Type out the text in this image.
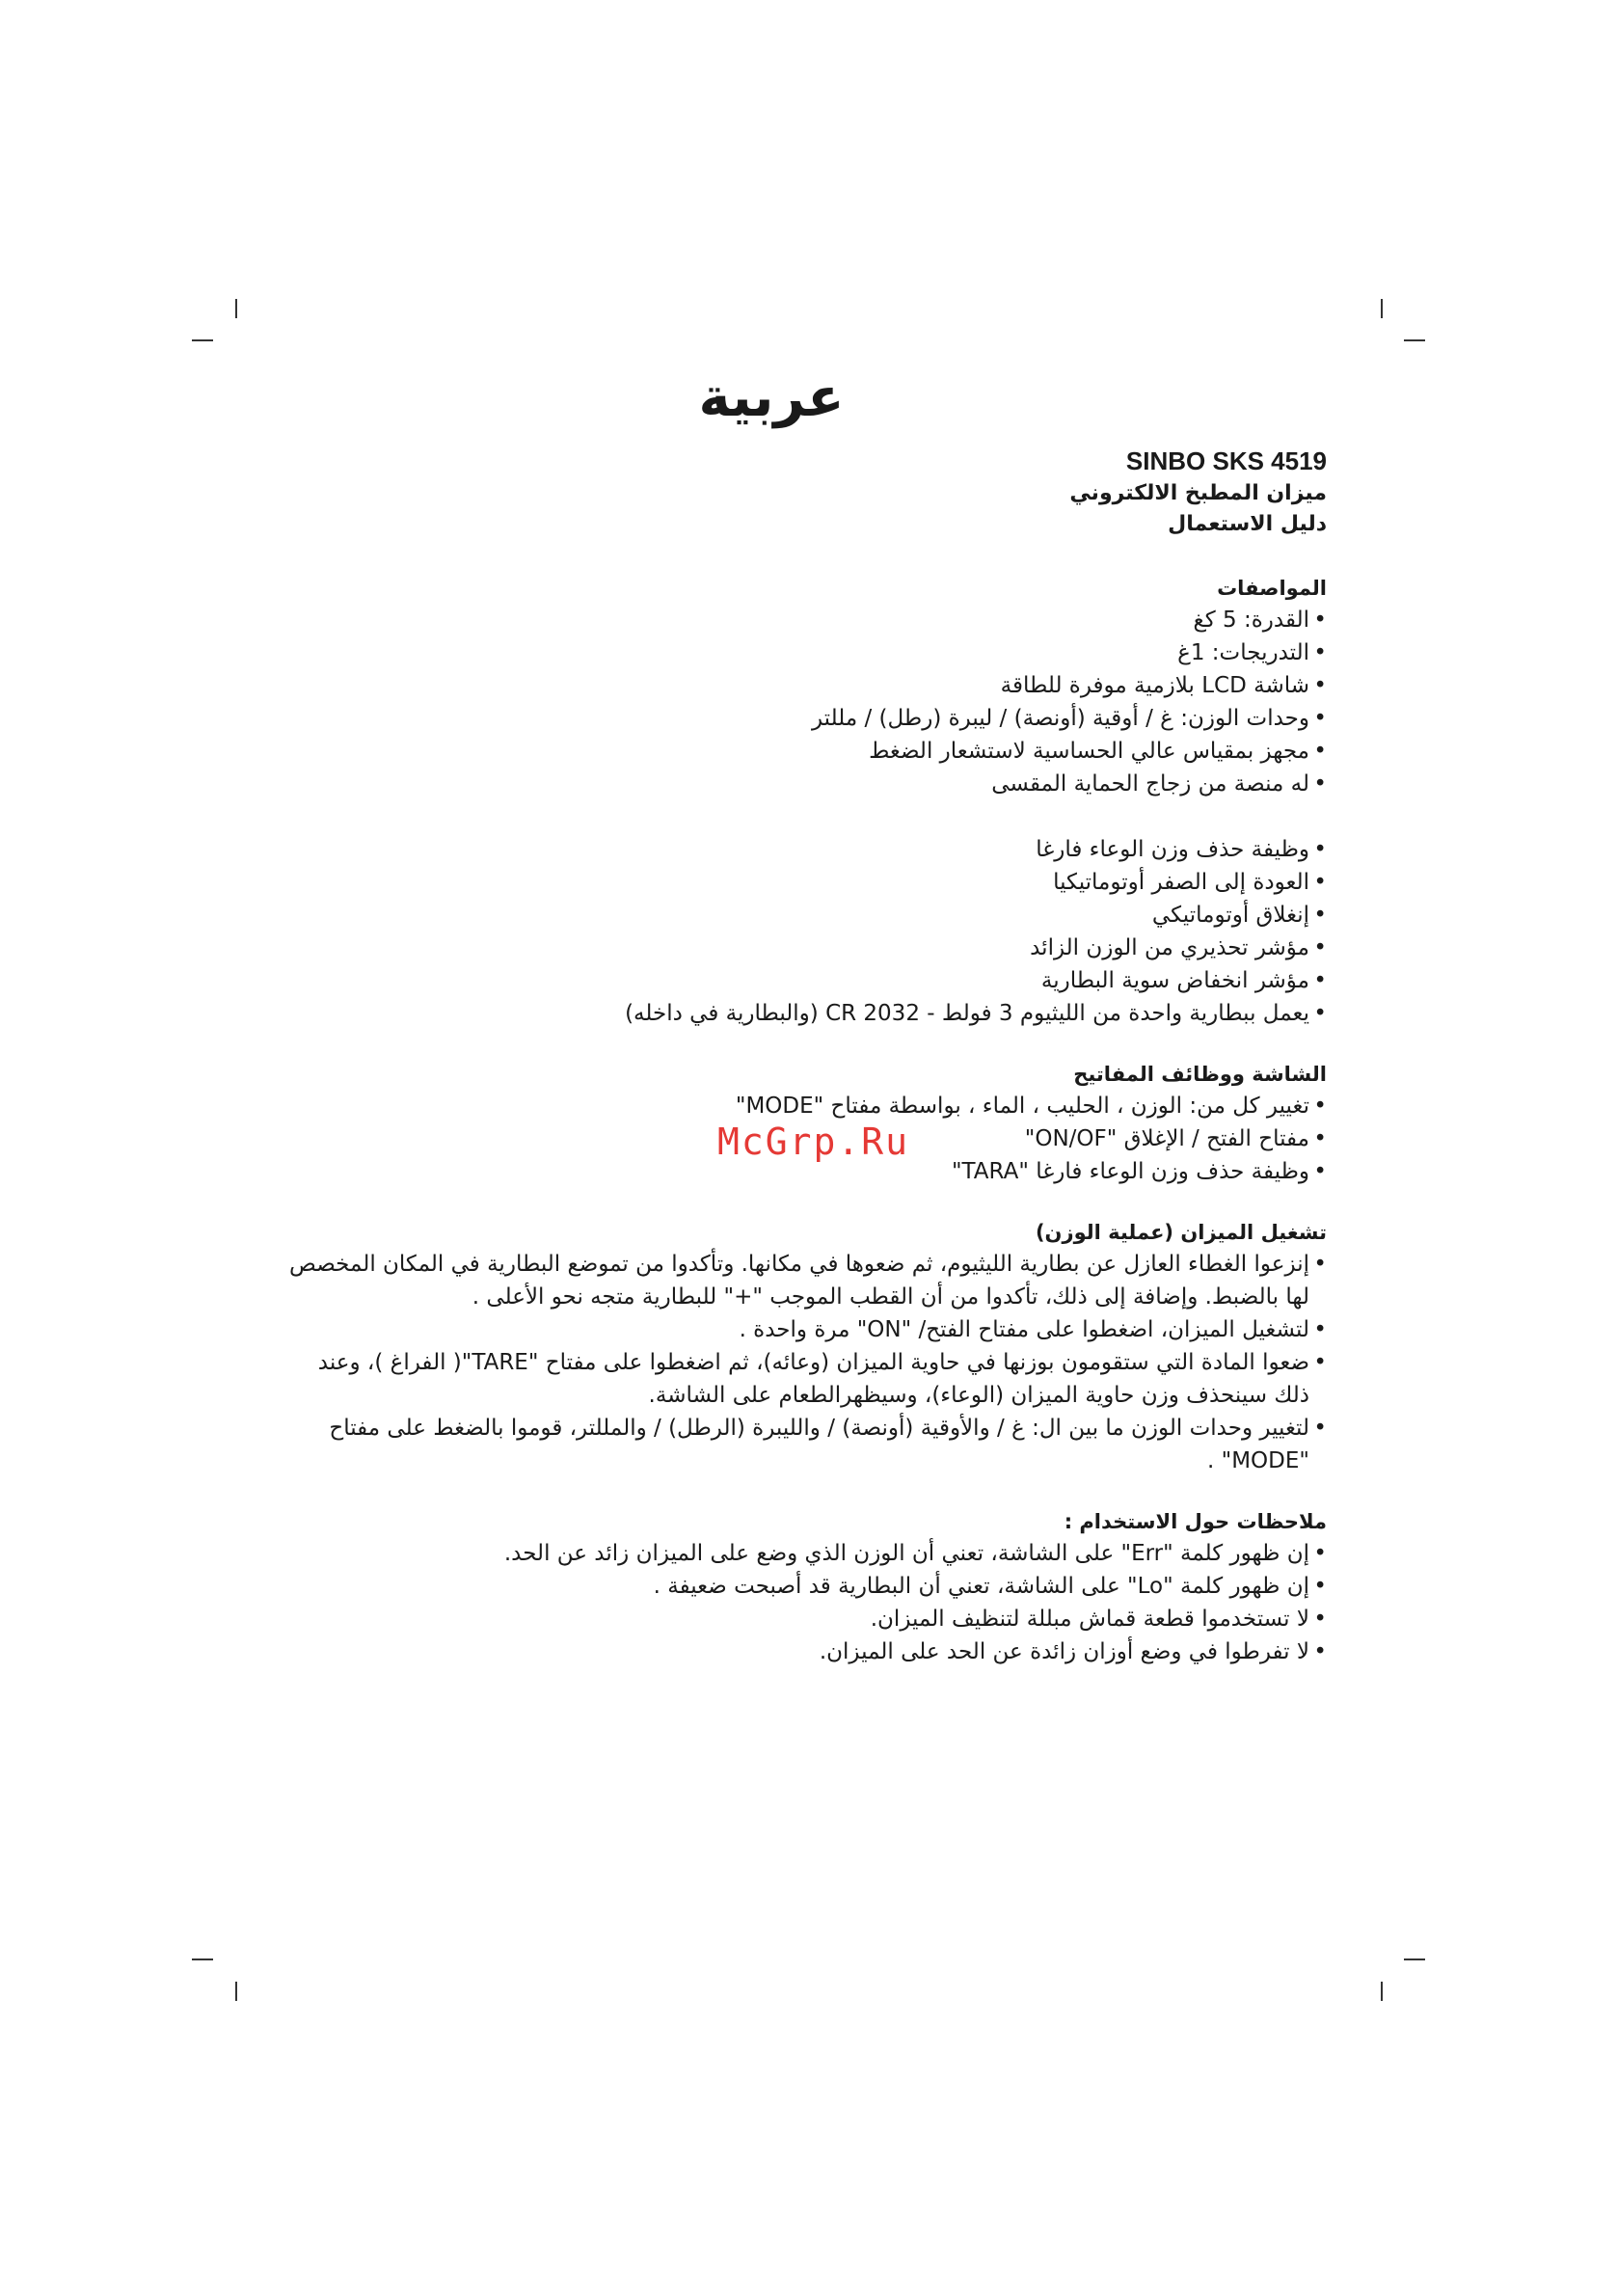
عربية
McGrp.Ru
SINBO SKS 4519
ميزان المطبخ الالكتروني
دليل الاستعمال
المواصفات
• القدرة: 5 كغ
• التدريجات: 1غ
• شاشة LCD بلازمية موفرة للطاقة
• وحدات الوزن: غ / أوقية (أونصة) / ليبرة (رطل) / مللتر
• مجهز بمقياس عالي الحساسية لاستشعار الضغط
• له منصة من زجاج الحماية المقسى
• وظيفة حذف وزن الوعاء فارغا
• العودة إلى الصفر أوتوماتيكيا
• إنغلاق أوتوماتيكي
• مؤشر تحذيري من الوزن الزائد
• مؤشر انخفاض سوية البطارية
• يعمل ببطارية واحدة من الليثيوم 3 فولط - CR 2032 (والبطارية في داخله)
الشاشة ووظائف المفاتيح
• تغيير كل من: الوزن ، الحليب ، الماء ، بواسطة مفتاح "MODE"
• مفتاح الفتح / الإغلاق "ON/OF"
• وظيفة حذف وزن الوعاء فارغا "TARA"
تشغيل الميزان (عملية الوزن)
• إنزعوا الغطاء العازل عن بطارية الليثيوم، ثم ضعوها في مكانها. وتأكدوا من تموضع البطارية في المكان المخصص لها بالضبط. وإضافة إلى ذلك، تأكدوا من أن القطب الموجب "+" للبطارية متجه نحو الأعلى .
• لتشغيل الميزان، اضغطوا على مفتاح الفتح/ "ON" مرة واحدة .
• ضعوا المادة التي ستقومون بوزنها في حاوية الميزان (وعائه)، ثم اضغطوا على مفتاح "TARE"( الفراغ )، وعند ذلك سينحذف وزن حاوية الميزان (الوعاء)، وسيظهرالطعام على الشاشة.
• لتغيير وحدات الوزن ما بين ال: غ / والأوقية (أونصة) / والليبرة (الرطل) / والمللتر، قوموا بالضغط على مفتاح "MODE" .
ملاحظات حول الاستخدام :
• إن ظهور كلمة "Err" على الشاشة، تعني أن الوزن الذي وضع على الميزان زائد عن الحد.
• إن ظهور كلمة "Lo" على الشاشة، تعني أن البطارية قد أصبحت ضعيفة .
• لا تستخدموا قطعة قماش مبللة لتنظيف الميزان.
• لا تفرطوا في وضع أوزان زائدة عن الحد على الميزان.
